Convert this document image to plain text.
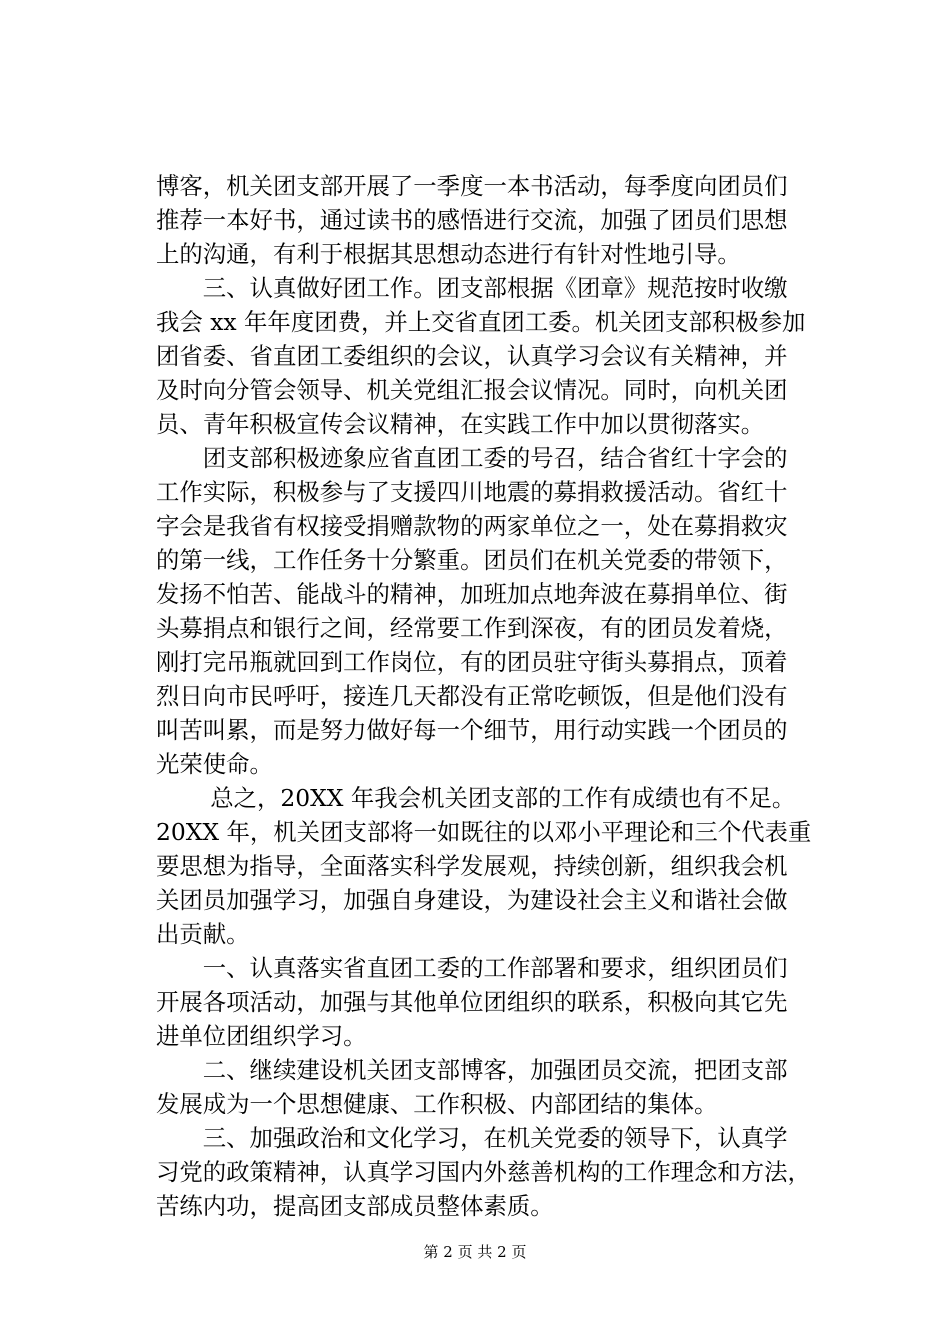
博客，机关团支部开展了一季度一本书活动，每季度向团员们
推荐一本好书，通过读书的感悟进行交流，加强了团员们思想
上的沟通，有利于根据其思想动态进行有针对性地引导。
　　三、认真做好团工作。团支部根据《团章》规范按时收缴
我会 xx 年年度团费，并上交省直团工委。机关团支部积极参加
团省委、省直团工委组织的会议，认真学习会议有关精神，并
及时向分管会领导、机关党组汇报会议情况。同时，向机关团
员、青年积极宣传会议精神，在实践工作中加以贯彻落实。
　　团支部积极迹象应省直团工委的号召，结合省红十字会的
工作实际，积极参与了支援四川地震的募捐救援活动。省红十
字会是我省有权接受捐赠款物的两家单位之一，处在募捐救灾
的第一线，工作任务十分繁重。团员们在机关党委的带领下，
发扬不怕苦、能战斗的精神，加班加点地奔波在募捐单位、街
头募捐点和银行之间，经常要工作到深夜，有的团员发着烧，
刚打完吊瓶就回到工作岗位，有的团员驻守街头募捐点，顶着
烈日向市民呼吁，接连几天都没有正常吃顿饭，但是他们没有
叫苦叫累，而是努力做好每一个细节，用行动实践一个团员的
光荣使命。
　　 总之，20XX 年我会机关团支部的工作有成绩也有不足。
20XX 年，机关团支部将一如既往的以邓小平理论和三个代表重
要思想为指导，全面落实科学发展观，持续创新，组织我会机
关团员加强学习，加强自身建设，为建设社会主义和谐社会做
出贡献。
　　一、认真落实省直团工委的工作部署和要求，组织团员们
开展各项活动，加强与其他单位团组织的联系，积极向其它先
进单位团组织学习。
　　二、继续建设机关团支部博客，加强团员交流，把团支部
发展成为一个思想健康、工作积极、内部团结的集体。
　　三、加强政治和文化学习，在机关党委的领导下，认真学
习党的政策精神，认真学习国内外慈善机构的工作理念和方法，
苦练内功，提高团支部成员整体素质。
第 2 页 共 2 页
